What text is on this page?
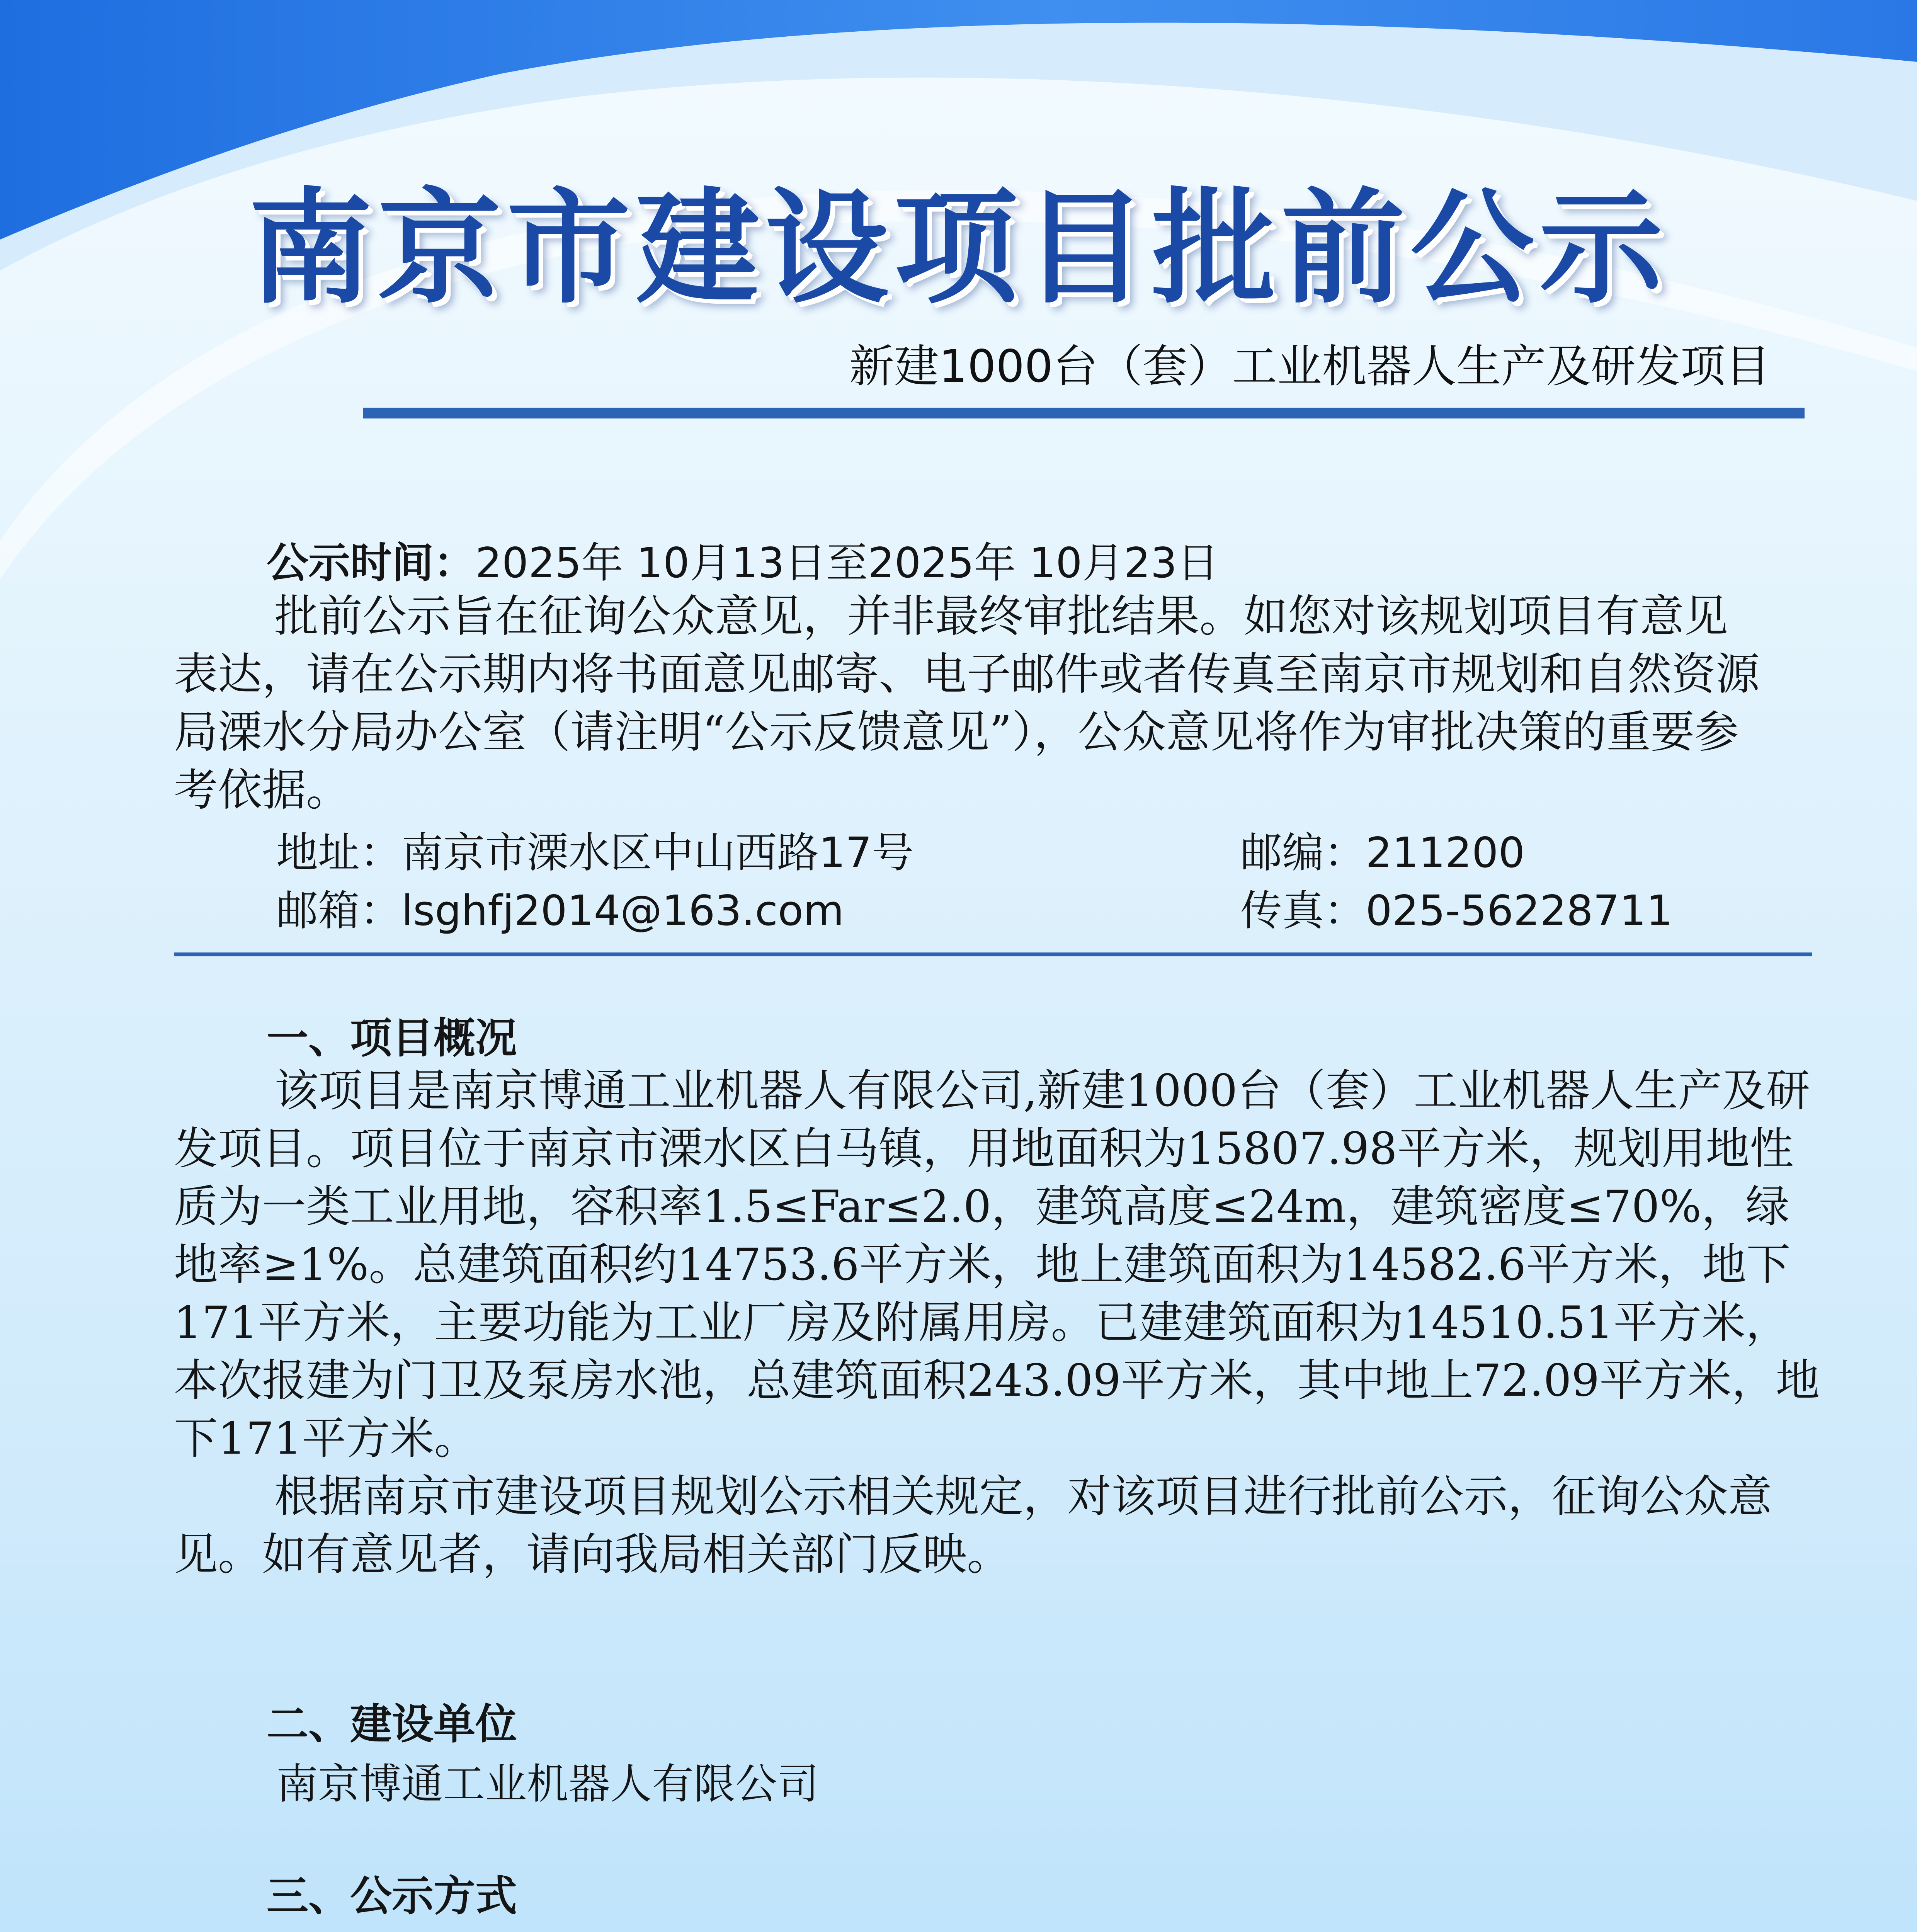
南京市建设项目批前公示
新建1000台（套）工业机器人生产及研发项目
公示时间：2025年 10月13日至2025年 10月23日
批前公示旨在征询公众意见，并非最终审批结果。如您对该规划项目有意见表达，请在公示期内将书面意见邮寄、电子邮件或者传真至南京市规划和自然资源局溧水分局办公室（请注明“公示反馈意见”），公众意见将作为审批决策的重要参考依据。
地址：南京市溧水区中山西路17号	邮编：211200
邮箱：lsghfj2014@163.com	传真：025-56228711
一、项目概况
该项目是南京博通工业机器人有限公司,新建1000台（套）工业机器人生产及研发项目。项目位于南京市溧水区白马镇，用地面积为15807.98平方米，规划用地性质为一类工业用地，容积率1.5≤Far≤2.0，建筑高度≤24m，建筑密度≤70%，绿地率≥1%。总建筑面积约14753.6平方米，地上建筑面积为14582.6平方米，地下171平方米，主要功能为工业厂房及附属用房。已建建筑面积为14510.51平方米，本次报建为门卫及泵房水池，总建筑面积243.09平方米，其中地上72.09平方米，地下171平方米。
根据南京市建设项目规划公示相关规定，对该项目进行批前公示，征询公众意见。如有意见者，请向我局相关部门反映。
二、建设单位
南京博通工业机器人有限公司
三、公示方式
